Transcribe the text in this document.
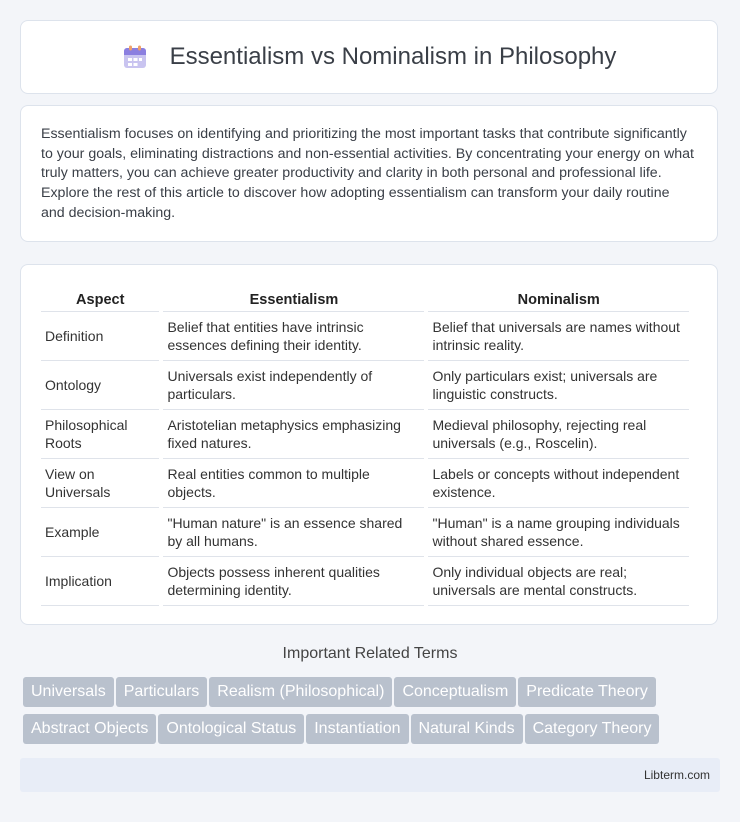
Essentialism vs Nominalism in Philosophy
Essentialism focuses on identifying and prioritizing the most important tasks that contribute significantly to your goals, eliminating distractions and non-essential activities. By concentrating your energy on what truly matters, you can achieve greater productivity and clarity in both personal and professional life. Explore the rest of this article to discover how adopting essentialism can transform your daily routine and decision-making.
Aspect	Essentialism	Nominalism
Definition	Belief that entities have intrinsic essences defining their identity.	Belief that universals are names without intrinsic reality.
Ontology	Universals exist independently of particulars.	Only particulars exist; universals are linguistic constructs.
Philosophical Roots	Aristotelian metaphysics emphasizing fixed natures.	Medieval philosophy, rejecting real universals (e.g., Roscelin).
View on Universals	Real entities common to multiple objects.	Labels or concepts without independent existence.
Example	"Human nature" is an essence shared by all humans.	"Human" is a name grouping individuals without shared essence.
Implication	Objects possess inherent qualities determining identity.	Only individual objects are real; universals are mental constructs.
Important Related Terms
Universals Particulars Realism (Philosophical) Conceptualism Predicate Theory
Abstract Objects Ontological Status Instantiation Natural Kinds Category Theory
Libterm.com
